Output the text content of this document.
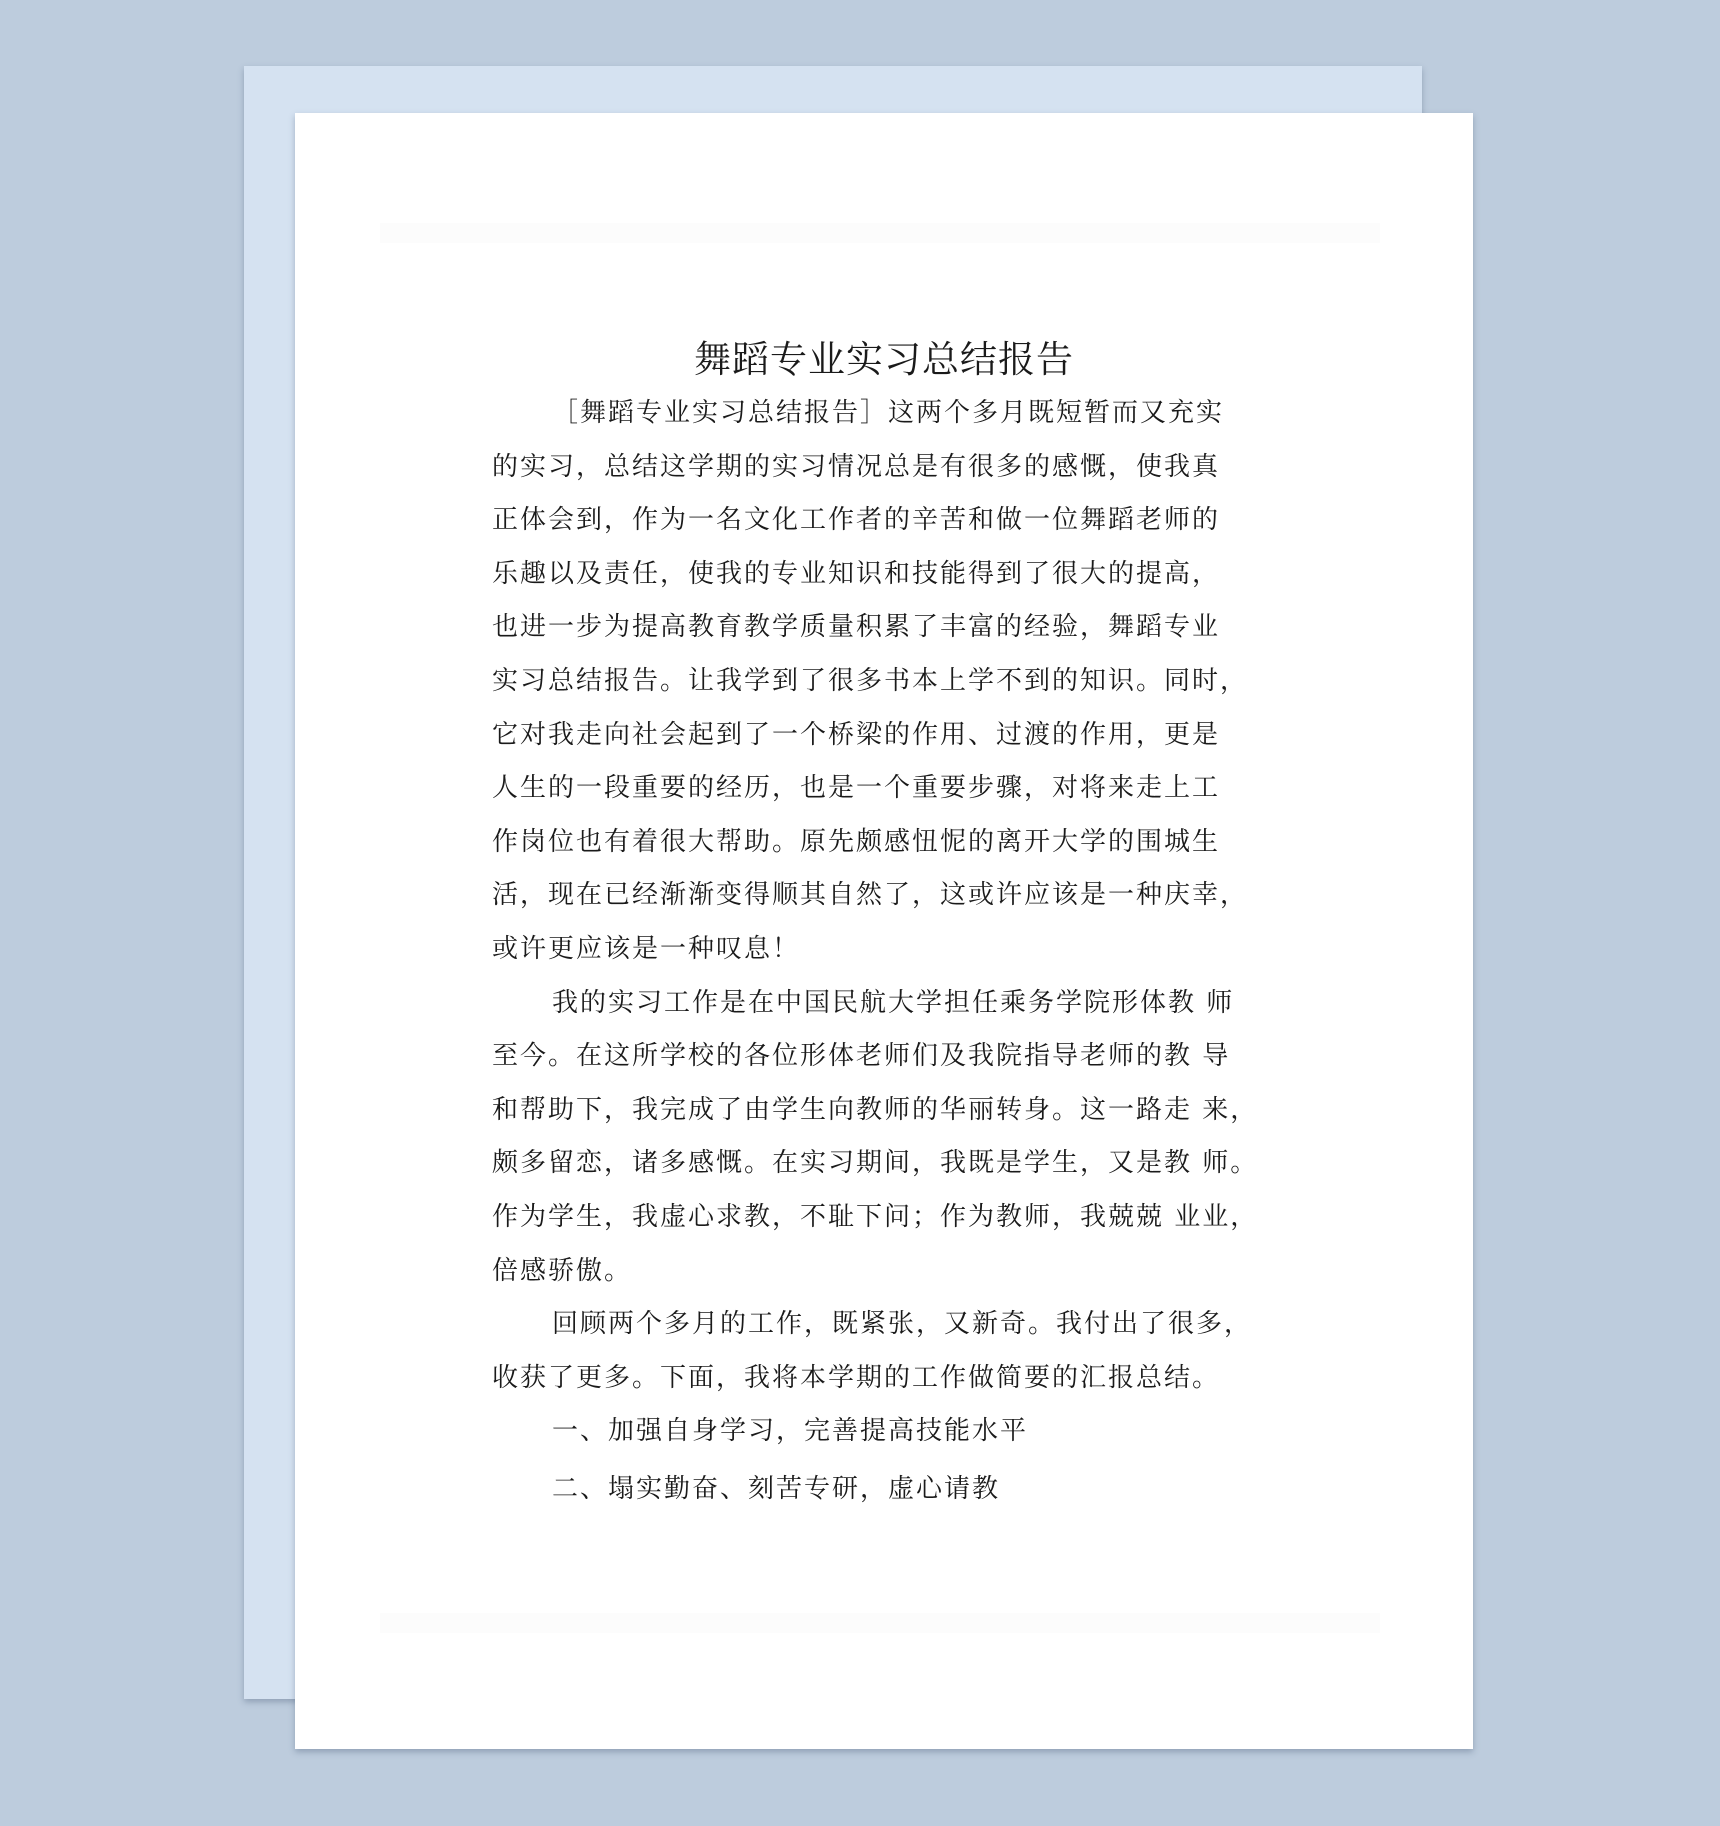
舞蹈专业实习总结报告
［舞蹈专业实习总结报告］这两个多月既短暂而又充实
的实习，总结这学期的实习情况总是有很多的感慨，使我真
正体会到，作为一名文化工作者的辛苦和做一位舞蹈老师的
乐趣以及责任，使我的专业知识和技能得到了很大的提高，
也进一步为提高教育教学质量积累了丰富的经验，舞蹈专业
实习总结报告。让我学到了很多书本上学不到的知识。同时，
它对我走向社会起到了一个桥梁的作用、过渡的作用，更是
人生的一段重要的经历，也是一个重要步骤，对将来走上工
作岗位也有着很大帮助。原先颇感忸怩的离开大学的围城生
活，现在已经渐渐变得顺其自然了，这或许应该是一种庆幸，
或许更应该是一种叹息！
我的实习工作是在中国民航大学担任乘务学院形体教 师
至今。在这所学校的各位形体老师们及我院指导老师的教 导
和帮助下，我完成了由学生向教师的华丽转身。这一路走 来，
颇多留恋，诸多感慨。在实习期间，我既是学生，又是教 师。
作为学生，我虚心求教，不耻下问；作为教师，我兢兢 业业，
倍感骄傲。
回顾两个多月的工作，既紧张，又新奇。我付出了很多，
收获了更多。下面，我将本学期的工作做简要的汇报总结。
一、加强自身学习，完善提高技能水平
二、塌实勤奋、刻苦专研，虚心请教
